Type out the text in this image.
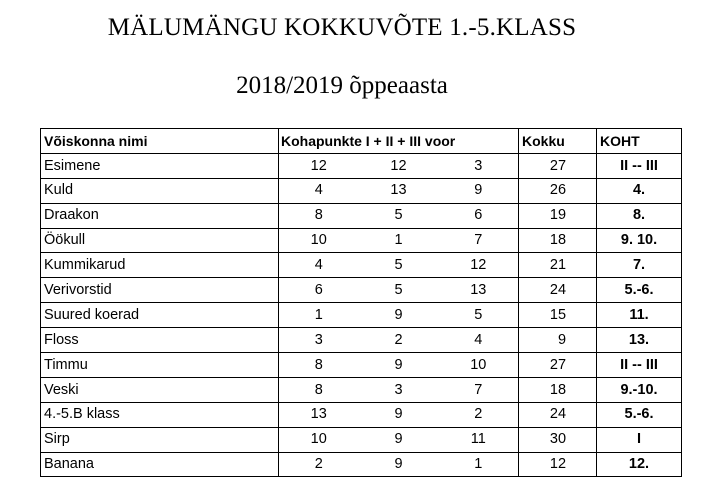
MÄLUMÄNGU KOKKUVÕTE 1.-5.KLASS
2018/2019 õppeaasta
Võiskonna nimi	Kohapunkte I + II + III voor			Kokku	KOHT
Esimene	12	12	3	27	II -- III
Kuld	4	13	9	26	4.
Draakon	8	5	6	19	8.
Öökull	10	1	7	18	9. 10.
Kummikarud	4	5	12	21	7.
Verivorstid	6	5	13	24	5.-6.
Suured koerad	1	9	5	15	11.
Floss	3	2	4	9	13.
Timmu	8	9	10	27	II -- III
Veski	8	3	7	18	9.-10.
4.-5.B klass	13	9	2	24	5.-6.
Sirp	10	9	11	30	I
Banana	2	9	1	12	12.
